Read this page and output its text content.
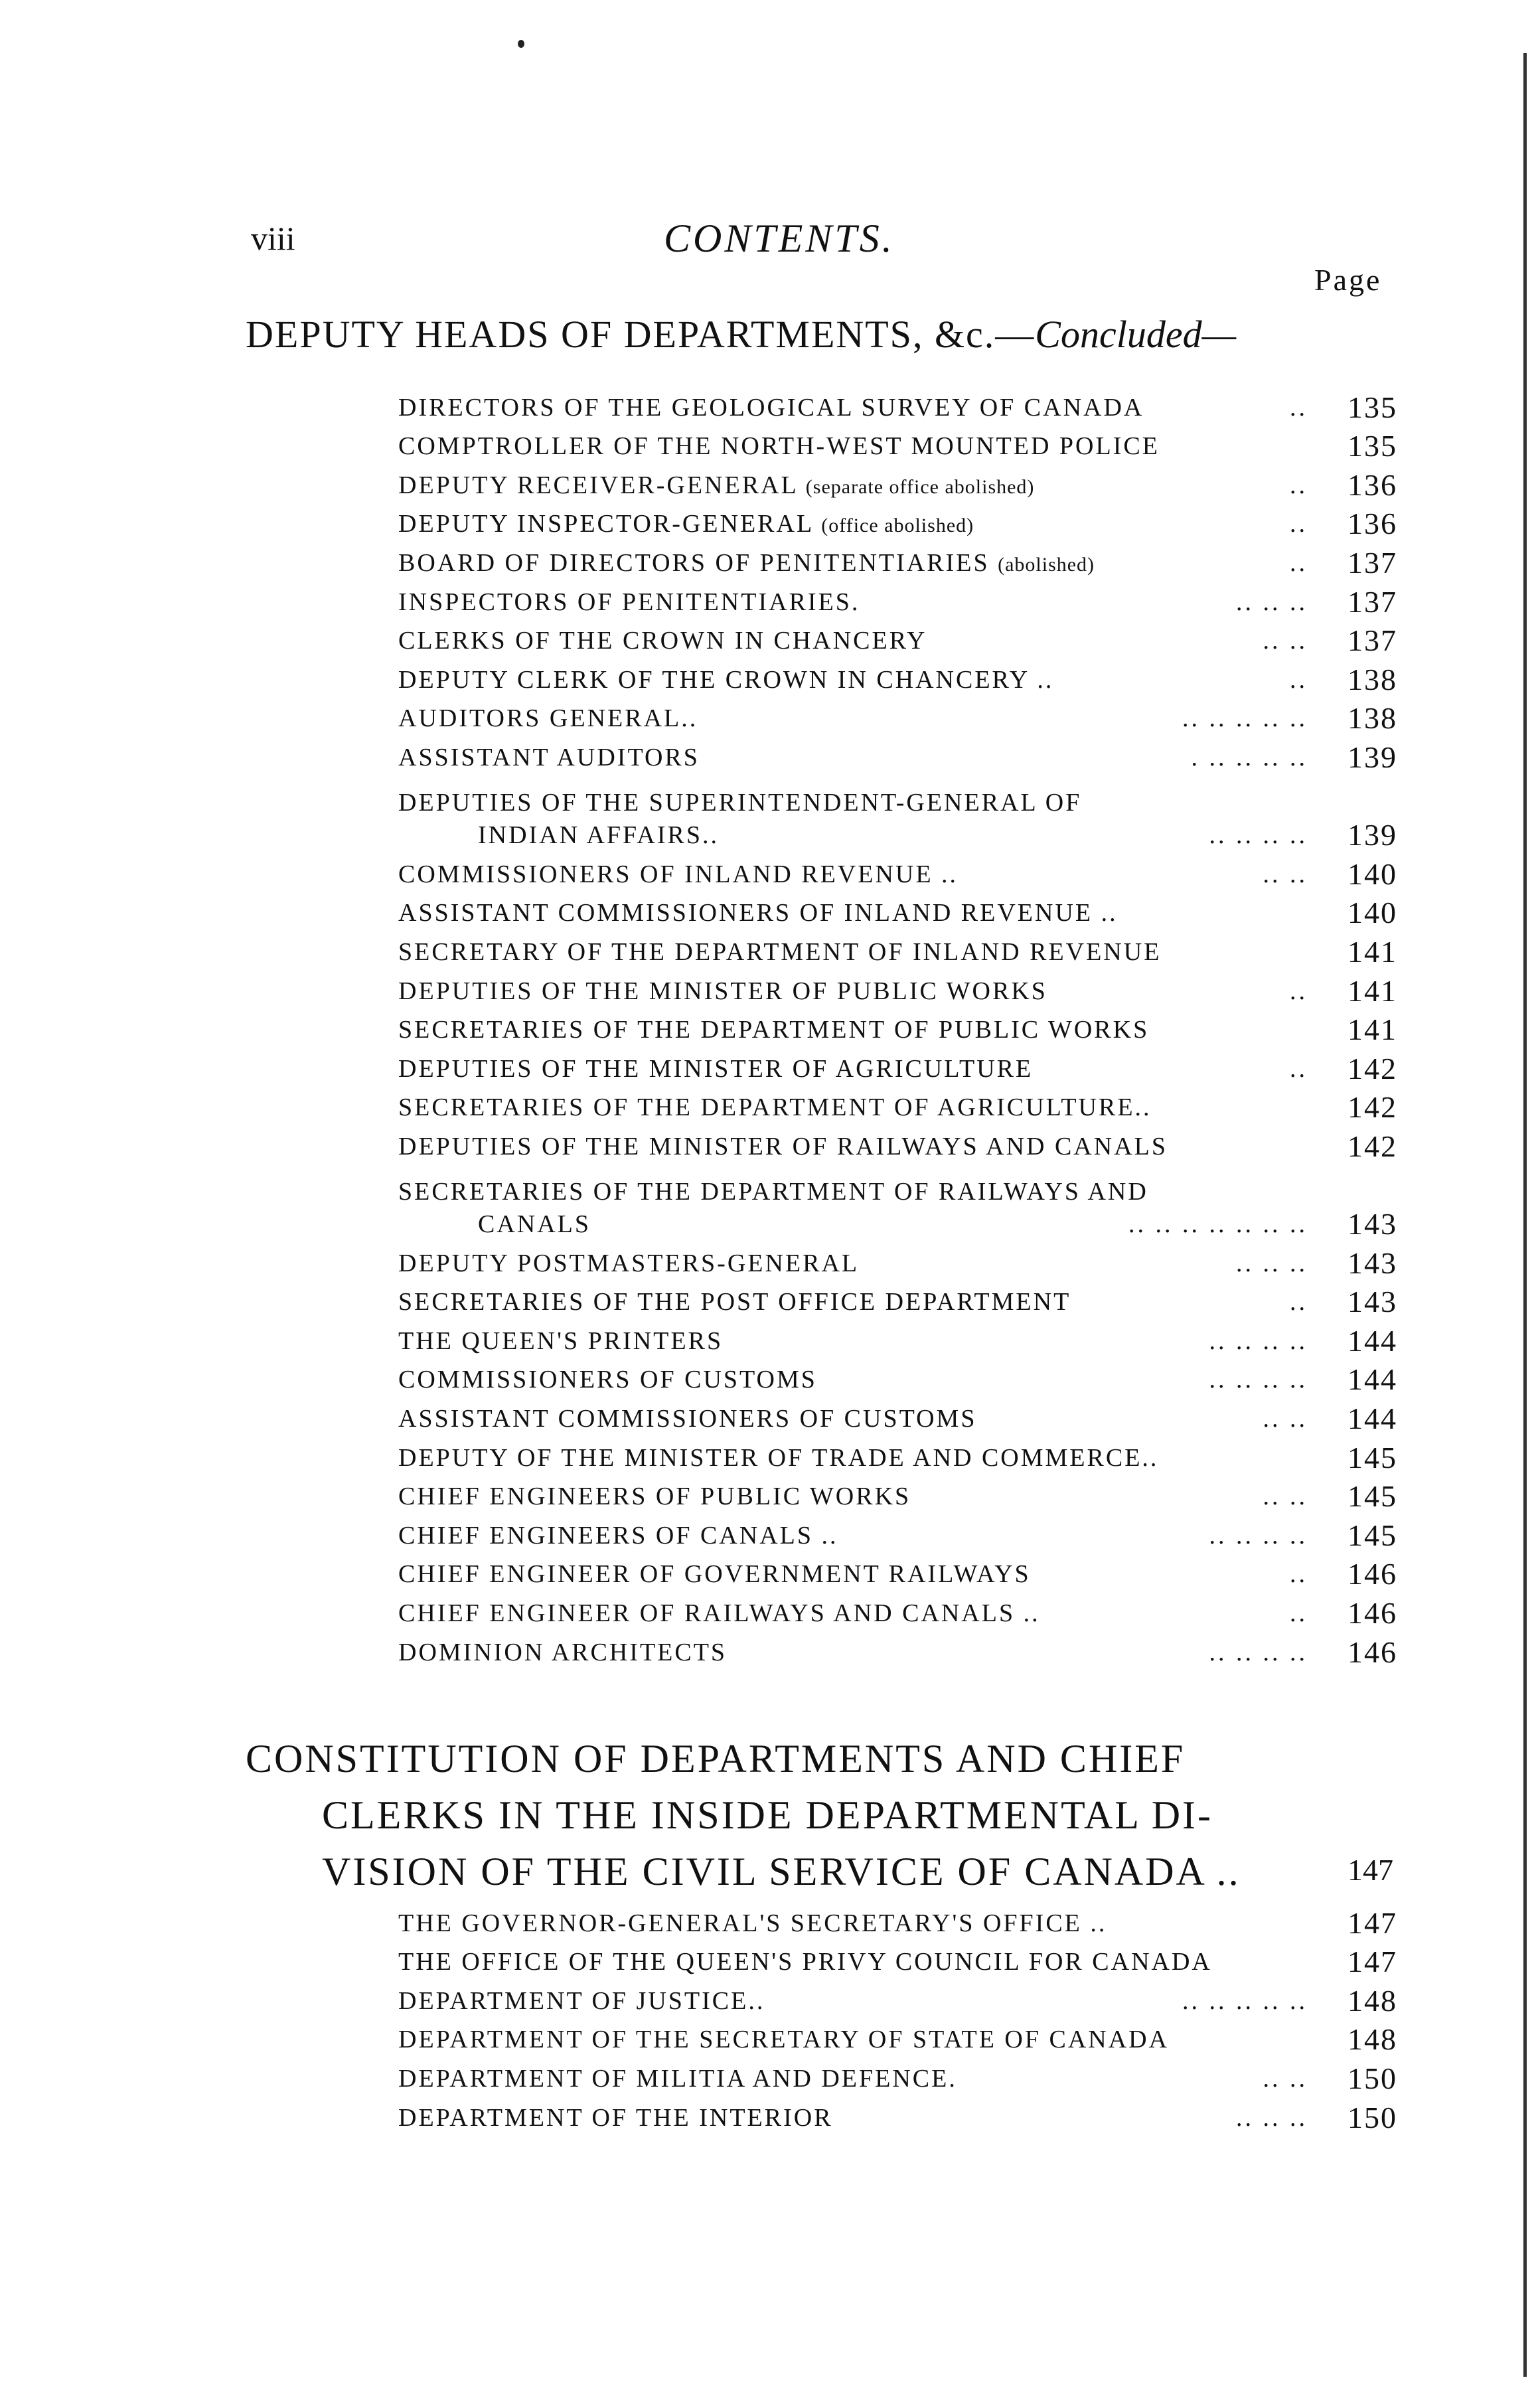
viii	CONTENTS.
Page
DEPUTY HEADS OF DEPARTMENTS, &c.—Concluded—
DIRECTORS OF THE GEOLOGICAL SURVEY OF CANADA	.. 135
COMPTROLLER OF THE NORTH-WEST MOUNTED POLICE	135
DEPUTY RECEIVER-GENERAL (separate office abolished)	.. 136
DEPUTY INSPECTOR-GENERAL (office abolished)	.. 136
BOARD OF DIRECTORS OF PENITENTIARIES (abolished)	.. 137
INSPECTORS OF PENITENTIARIES.	.. .. .. 137
CLERKS OF THE CROWN IN CHANCERY	.. .. 137
DEPUTY CLERK OF THE CROWN IN CHANCERY ..	.. 138
AUDITORS GENERAL..	.. .. .. .. .. 138
ASSISTANT AUDITORS	. .. .. .. .. 139
DEPUTIES OF THE SUPERINTENDENT-GENERAL OF
INDIAN AFFAIRS..	.. .. .. .. 139
COMMISSIONERS OF INLAND REVENUE ..	.. .. 140
ASSISTANT COMMISSIONERS OF INLAND REVENUE ..	140
SECRETARY OF THE DEPARTMENT OF INLAND REVENUE	141
DEPUTIES OF THE MINISTER OF PUBLIC WORKS	.. 141
SECRETARIES OF THE DEPARTMENT OF PUBLIC WORKS	141
DEPUTIES OF THE MINISTER OF AGRICULTURE	.. 142
SECRETARIES OF THE DEPARTMENT OF AGRICULTURE..	142
DEPUTIES OF THE MINISTER OF RAILWAYS AND CANALS	142
SECRETARIES OF THE DEPARTMENT OF RAILWAYS AND
CANALS	.. .. .. .. .. .. .. 143
DEPUTY POSTMASTERS-GENERAL	.. .. .. 143
SECRETARIES OF THE POST OFFICE DEPARTMENT	.. 143
THE QUEEN'S PRINTERS	.. .. .. .. 144
COMMISSIONERS OF CUSTOMS	.. .. .. .. 144
ASSISTANT COMMISSIONERS OF CUSTOMS	.. .. 144
DEPUTY OF THE MINISTER OF TRADE AND COMMERCE..	145
CHIEF ENGINEERS OF PUBLIC WORKS	.. .. 145
CHIEF ENGINEERS OF CANALS ..	.. .. .. .. 145
CHIEF ENGINEER OF GOVERNMENT RAILWAYS	.. 146
CHIEF ENGINEER OF RAILWAYS AND CANALS ..	.. 146
DOMINION ARCHITECTS	.. .. .. .. 146
CONSTITUTION OF DEPARTMENTS AND CHIEF
CLERKS IN THE INSIDE DEPARTMENTAL DI-
VISION OF THE CIVIL SERVICE OF CANADA ..	147
THE GOVERNOR-GENERAL'S SECRETARY'S OFFICE ..	147
THE OFFICE OF THE QUEEN'S PRIVY COUNCIL FOR CANADA	147
DEPARTMENT OF JUSTICE..	.. .. .. .. .. 148
DEPARTMENT OF THE SECRETARY OF STATE OF CANADA	148
DEPARTMENT OF MILITIA AND DEFENCE.	.. .. 150
DEPARTMENT OF THE INTERIOR	.. .. .. 150
